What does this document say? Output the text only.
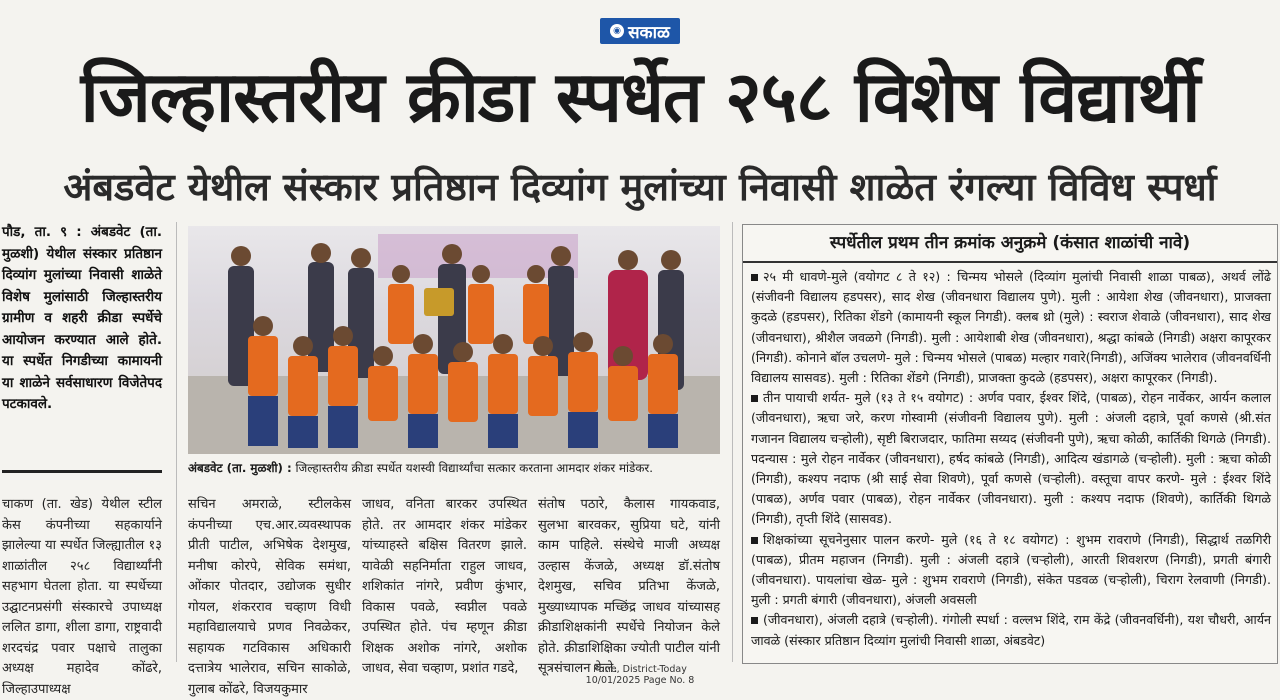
◉ सकाळ
जिल्हास्तरीय क्रीडा स्पर्धेत २५८ विशेष विद्यार्थी
अंबडवेट येथील संस्कार प्रतिष्ठान दिव्यांग मुलांच्या निवासी शाळेत रंगल्या विविध स्पर्धा
पौड, ता. ९ : अंबडवेट (ता. मुळशी) येथील संस्कार प्रतिष्ठान दिव्यांग मुलांच्या निवासी शाळेते विशेष मुलांसाठी जिल्हास्तरीय ग्रामीण व शहरी क्रीडा स्पर्धेचे आयोजन करण्यात आले होते. या स्पर्धेत निगडीच्या कामायनी या शाळेने सर्वसाधारण विजेतेपद पटकावले.
अंबडवेट (ता. मुळशी) : जिल्हास्तरीय क्रीडा स्पर्धेत यशस्वी विद्यार्थ्यांचा सत्कार करताना आमदार शंकर मांडेकर.
चाकण (ता. खेड) येथील स्टील केस कंपनीच्या सहकार्याने झालेल्या या स्पर्धेत जिल्ह्यातील १३ शाळांतील २५८ विद्यार्थ्यांनी सहभाग घेतला होता. या स्पर्धेच्या उद्घाटनप्रसंगी संस्कारचे उपाध्यक्ष ललित डागा, शीला डागा, राष्ट्रवादी शरदचंद्र पवार पक्षाचे तालुका अध्यक्ष महादेव कोंढरे, जिल्हाउपाध्यक्ष
सचिन अमराळे, स्टीलकेस कंपनीच्या एच.आर.व्यवस्थापक प्रीती पाटील, अभिषेक देशमुख, मनीषा कोरपे, सेविक समंथा, ओंकार पोतदार, उद्योजक सुधीर गोयल, शंकरराव चव्हाण विधी महाविद्यालयाचे प्रणव निवळेकर, सहायक गटविकास अधिकारी दत्तात्रेय भालेराव, सचिन साकोळे, गुलाब कोंढरे, विजयकुमार
जाधव, वनिता बारकर उपस्थित होते. तर आमदार शंकर मांडेकर यांच्याहस्ते बक्षिस वितरण झाले. यावेळी सहनिर्माता राहुल जाधव, शशिकांत नांगरे, प्रवीण कुंभार, विकास पवळे, स्वप्नील पवळे उपस्थित होते. पंच म्हणून क्रीडा शिक्षक अशोक नांगरे, अशोक जाधव, सेवा चव्हाण, प्रशांत गडदे,
संतोष पठारे, कैलास गायकवाड, सुलभा बारवकर, सुप्रिया घटे, यांनी काम पाहिले. संस्थेचे माजी अध्यक्ष उल्हास केंजळे, अध्यक्ष डॉ.संतोष देशमुख, सचिव प्रतिभा केंजळे, मुख्याध्यापक मच्छिंद्र जाधव यांच्यासह क्रीडाशिक्षकांनी स्पर्धेचे नियोजन केले होते. क्रीडाशिक्षिका ज्योती पाटील यांनी सूत्रसंचालन केले.
स्पर्धेतील प्रथम तीन क्रमांक अनुक्रमे (कंसात शाळांची नावे)

२५ मी धावणे-मुले (वयोगट ८ ते १२) : चिन्मय भोसले (दिव्यांग मुलांची निवासी शाळा पाबळ), अथर्व लोंढे (संजीवनी विद्यालय हडपसर), साद शेख (जीवनधारा विद्यालय पुणे). मुली : आयेशा शेख (जीवनधारा), प्राजक्ता कुदळे (हडपसर), रितिका शेंडगे (कामायनी स्कूल निगडी). क्लब थ्रो (मुले) : स्वराज शेवाळे (जीवनधारा), साद शेख (जीवनधारा), श्रीशैल जवळगे (निगडी). मुली : आयेशाबी शेख (जीवनधारा), श्रद्धा कांबळे (निगडी) अक्षरा कापूरकर (निगडी). कोनाने बॉल उचलणे- मुले : चिन्मय भोसले (पाबळ) मल्हार गवारे(निगडी), अजिंक्य भालेराव (जीवनवर्धिनी विद्यालय सासवड). मुली : रितिका शेंडगे (निगडी), प्राजक्ता कुदळे (हडपसर), अक्षरा कापूरकर (निगडी).

तीन पायाची शर्यत- मुले (१३ ते १५ वयोगट) : अर्णव पवार, ईश्वर शिंदे, (पाबळ), रोहन नार्वेकर, आर्यन कलाल (जीवनधारा), ऋचा जरे, करण गोस्वामी (संजीवनी विद्यालय पुणे). मुली : अंजली दहात्रे, पूर्वा कणसे (श्री.संत गजानन विद्यालय चऱ्होली), सृष्टी बिराजदार, फातिमा सय्यद (संजीवनी पुणे), ऋचा कोळी, कार्तिकी थिगळे (निगडी). पदन्यास : मुले रोहन नार्वेकर (जीवनधारा), हर्षद कांबळे (निगडी), आदित्य खंडागळे (चऱ्होली). मुली : ऋचा कोळी (निगडी), कश्यप नदाफ (श्री साई सेवा शिवणे), पूर्वा कणसे (चऱ्होली). वस्तूचा वापर करणे- मुले : ईश्वर शिंदे (पाबळ), अर्णव पवार (पाबळ), रोहन नार्वेकर (जीवनधारा). मुली : कश्यप नदाफ (शिवणे), कार्तिकी थिगळे (निगडी), तृप्ती शिंदे (सासवड).

शिक्षकांच्या सूचनेनुसार पालन करणे- मुले (१६ ते १८ वयोगट) : शुभम रावराणे (निगडी), सिद्धार्थ तळगिरी (पाबळ), प्रीतम महाजन (निगडी). मुली : अंजली दहात्रे (चऱ्होली), आरती शिवशरण (निगडी), प्रगती बंगारी (जीवनधारा). पायलांचा खेळ- मुले : शुभम रावराणे (निगडी), संकेत पडवळ (चऱ्होली), चिराग रेलवाणी (निगडी). मुली : प्रगती बंगारी (जीवनधारा), अंजली अवसली

(जीवनधारा), अंजली दहात्रे (चऱ्होली). गंगोली स्पर्धा : वल्लभ शिंदे, राम केंद्रे (जीवनवर्धिनी), यश चौधरी, आर्यन जावळे (संस्कार प्रतिष्ठान दिव्यांग मुलांची निवासी शाळा, अंबडवेट)

Pune, District-Today
10/01/2025 Page No. 8
